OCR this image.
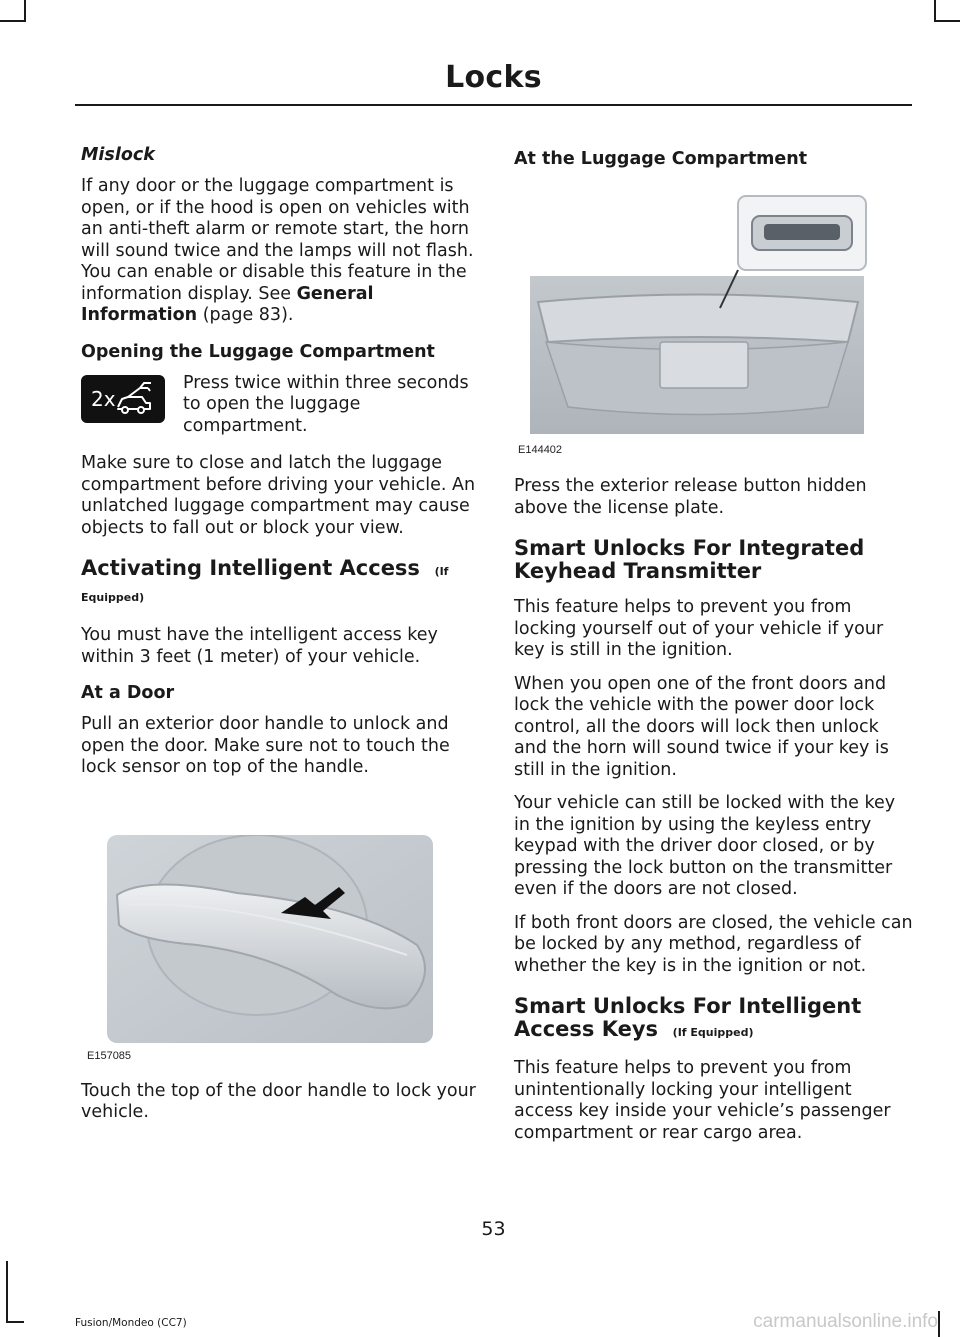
Locks
Mislock

If any door or the luggage compartment is open, or if the hood is open on vehicles with an anti-theft alarm or remote start, the horn will sound twice and the lamps will not flash. You can enable or disable this feature in the information display. See General Information (page 83).

Opening the Luggage Compartment

Press twice within three seconds to open the luggage compartment.

2x

Make sure to close and latch the luggage compartment before driving your vehicle. An unlatched luggage compartment may cause objects to fall out or block your view.

Activating Intelligent Access (If Equipped)

You must have the intelligent access key within 3 feet (1 meter) of your vehicle.

At a Door

Pull an exterior door handle to unlock and open the door. Make sure not to touch the lock sensor on top of the handle.

E157085

Touch the top of the door handle to lock your vehicle.

At the Luggage Compartment
E144402

Press the exterior release button hidden above the license plate.

Smart Unlocks For Integrated Keyhead Transmitter

This feature helps to prevent you from locking yourself out of your vehicle if your key is still in the ignition.

When you open one of the front doors and lock the vehicle with the power door lock control, all the doors will lock then unlock and the horn will sound twice if your key is still in the ignition.

Your vehicle can still be locked with the key in the ignition by using the keyless entry keypad with the driver door closed, or by pressing the lock button on the transmitter even if the doors are not closed.

If both front doors are closed, the vehicle can be locked by any method, regardless of whether the key is in the ignition or not.

Smart Unlocks For Intelligent Access Keys (If Equipped)

This feature helps to prevent you from unintentionally locking your intelligent access key inside your vehicle’s passenger compartment or rear cargo area.

53
Fusion/Mondeo (CC7)	carmanualsonline.info
